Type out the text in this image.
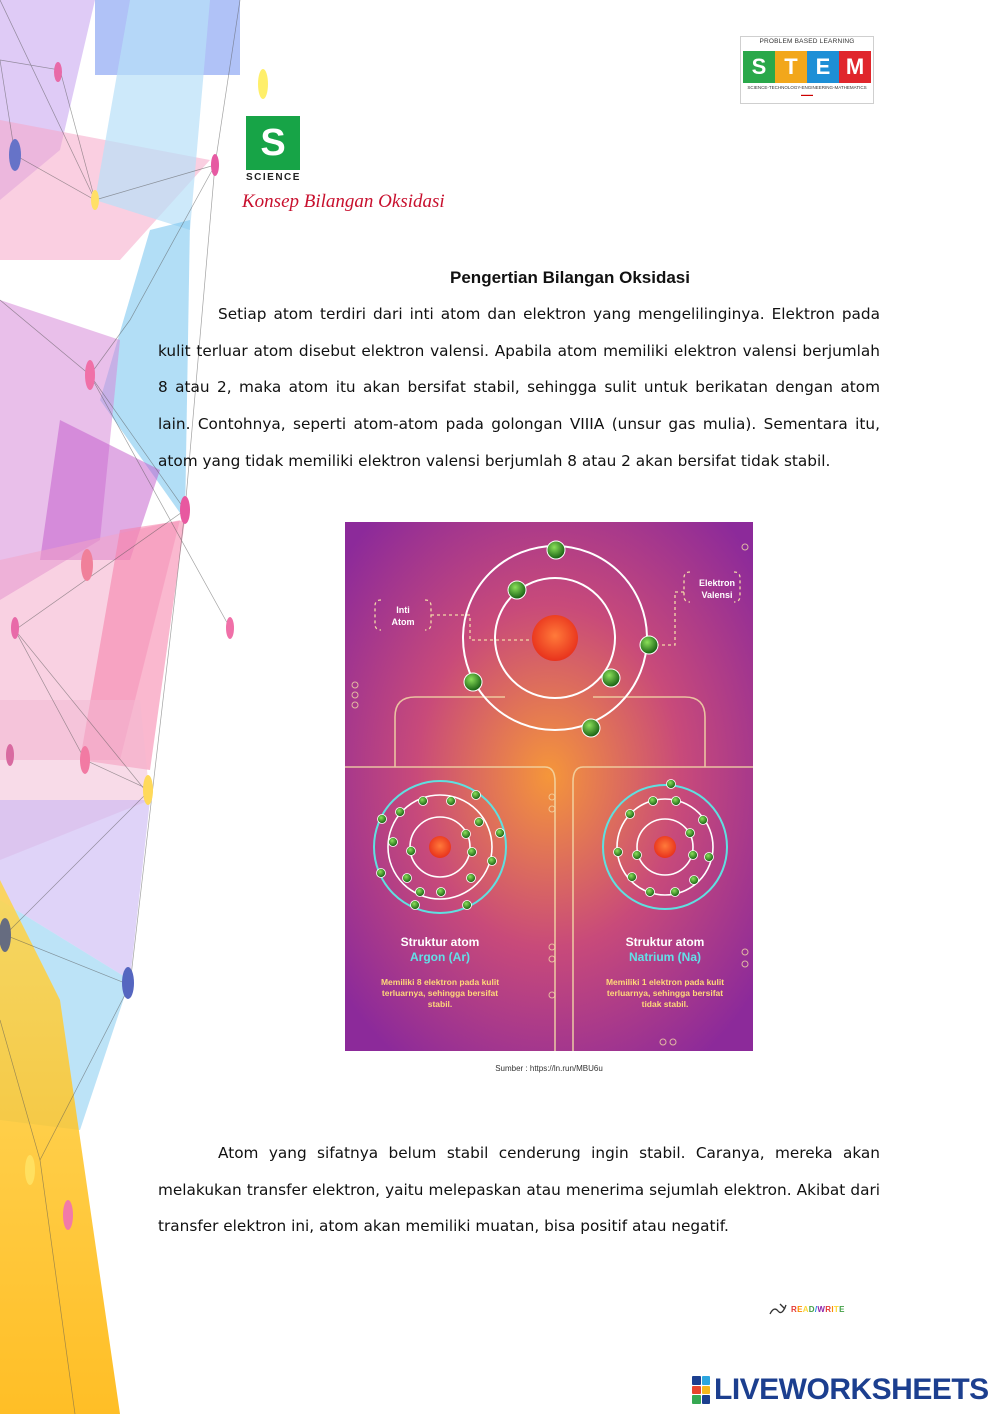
PROBLEM BASED LEARNING
S T E M
SCIENCE-TECHNOLOGY-ENGINEERING-MATHEMATICS
▬▬▬
S
SCIENCE
Konsep Bilangan Oksidasi
Pengertian Bilangan Oksidasi

Setiap atom terdiri dari inti atom dan elektron yang mengelilinginya. Elektron pada kulit terluar atom disebut elektron valensi. Apabila atom memiliki elektron valensi berjumlah 8 atau 2, maka atom itu akan bersifat stabil, sehingga sulit untuk berikatan dengan atom lain. Contohnya, seperti atom-atom pada golongan VIIIA (unsur gas mulia). Sementara itu, atom yang tidak memiliki elektron valensi berjumlah 8 atau 2 akan bersifat tidak stabil.

Inti
Atom
Elektron
Valensi
Struktur atom
Argon (Ar)
Memiliki 8 elektron pada kulit
terluarnya, sehingga bersifat
stabil.
Struktur atom
Natrium (Na)
Memiliki 1 elektron pada kulit
terluarnya, sehingga bersifat
tidak stabil.
Sumber : https://ln.run/MBU6u

Atom yang sifatnya belum stabil cenderung ingin stabil. Caranya, mereka akan melakukan transfer elektron, yaitu melepaskan atau menerima sejumlah elektron. Akibat dari transfer elektron ini, atom akan memiliki muatan, bisa positif atau negatif.

READ/WRITE
LIVEWORKSHEETS
